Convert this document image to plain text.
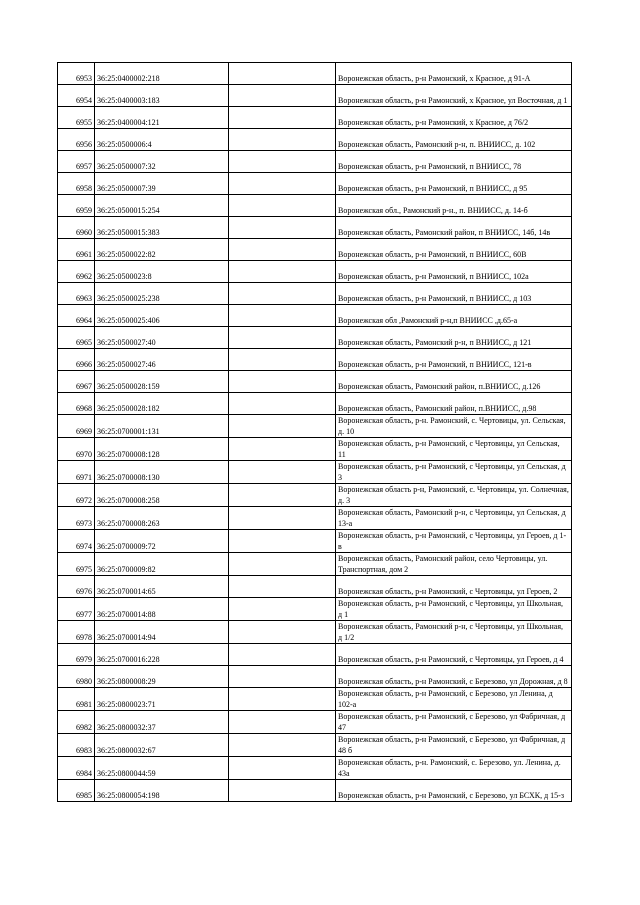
6953	36:25:0400002:218		Воронежская область, р-н Рамонский, х Красное, д 91-А
6954	36:25:0400003:183		Воронежская область, р-н Рамонский, х Красное, ул Восточная, д 1
6955	36:25:0400004:121		Воронежская область, р-н Рамонский, х Красное, д 76/2
6956	36:25:0500006:4		Воронежская область, Рамонский р-н, п. ВНИИСС, д. 102
6957	36:25:0500007:32		Воронежская область, р-н Рамонский, п ВНИИСС, 78
6958	36:25:0500007:39		Воронежская область, р-н Рамонский, п ВНИИСС, д 95
6959	36:25:0500015:254		Воронежская обл., Рамонский р-н., п. ВНИИСС, д. 14-б
6960	36:25:0500015:383		Воронежская область, Рамонский район, п ВНИИСС, 14б, 14в
6961	36:25:0500022:82		Воронежская область, р-н Рамонский, п ВНИИСС, 60В
6962	36:25:0500023:8		Воронежская область, р-н Рамонский, п ВНИИСС, 102а
6963	36:25:0500025:238		Воронежская область, р-н Рамонский, п ВНИИСС, д 103
6964	36:25:0500025:406		Воронежская обл ,Рамонский р-н,п ВНИИСС ,д.65-а
6965	36:25:0500027:40		Воронежская область, Рамонский р-н, п ВНИИСС, д 121
6966	36:25:0500027:46		Воронежская область, р-н Рамонский, п ВНИИСС, 121-в
6967	36:25:0500028:159		Воронежская область, Рамонский район, п.ВНИИСС, д.126
6968	36:25:0500028:182		Воронежская область, Рамонский район, п.ВНИИСС, д.98
6969	36:25:0700001:131		Воронежская область, р-н. Рамонский, с. Чертовицы, ул. Сельская, д. 10
6970	36:25:0700008:128		Воронежская область, р-н Рамонский, с Чертовицы, ул Сельская, 11
6971	36:25:0700008:130		Воронежская область, р-н Рамонский, с Чертовицы, ул Сельская, д 3
6972	36:25:0700008:258		Воронежская область р-н, Рамонский, с. Чертовицы, ул. Солнечная, д. 3
6973	36:25:0700008:263		Воронежская область, Рамонский р-н, с Чертовицы, ул Сельская, д 13-а
6974	36:25:0700009:72		Воронежская область, р-н Рамонский, с Чертовицы, ул Героев, д 1-в
6975	36:25:0700009:82		Воронежская область, Рамонский район, село Чертовицы, ул. Транспортная, дом 2
6976	36:25:0700014:65		Воронежская область, р-н Рамонский, с Чертовицы, ул Героев, 2
6977	36:25:0700014:88		Воронежская область, р-н Рамонский, с Чертовицы, ул Школьная, д 1
6978	36:25:0700014:94		Воронежская область, Рамонский р-н, с Чертовицы, ул Школьная, д 1/2
6979	36:25:0700016:228		Воронежская область, р-н Рамонский, с Чертовицы, ул Героев, д 4
6980	36:25:0800008:29		Воронежская область, р-н Рамонский, с Березово, ул Дорожная, д 8
6981	36:25:0800023:71		Воронежская область, р-н Рамонский, с Березово, ул Ленина, д 102-а
6982	36:25:0800032:37		Воронежская область, р-н Рамонский, с Березово, ул Фабричная, д 47
6983	36:25:0800032:67		Воронежская область, р-н Рамонский, с Березово, ул Фабричная, д 48 б
6984	36:25:0800044:59		Воронежская область, р-н. Рамонский, с. Березово, ул. Ленина, д. 43а
6985	36:25:0800054:198		Воронежская область, р-н Рамонский, с Березово, ул БСХК, д 15-з
